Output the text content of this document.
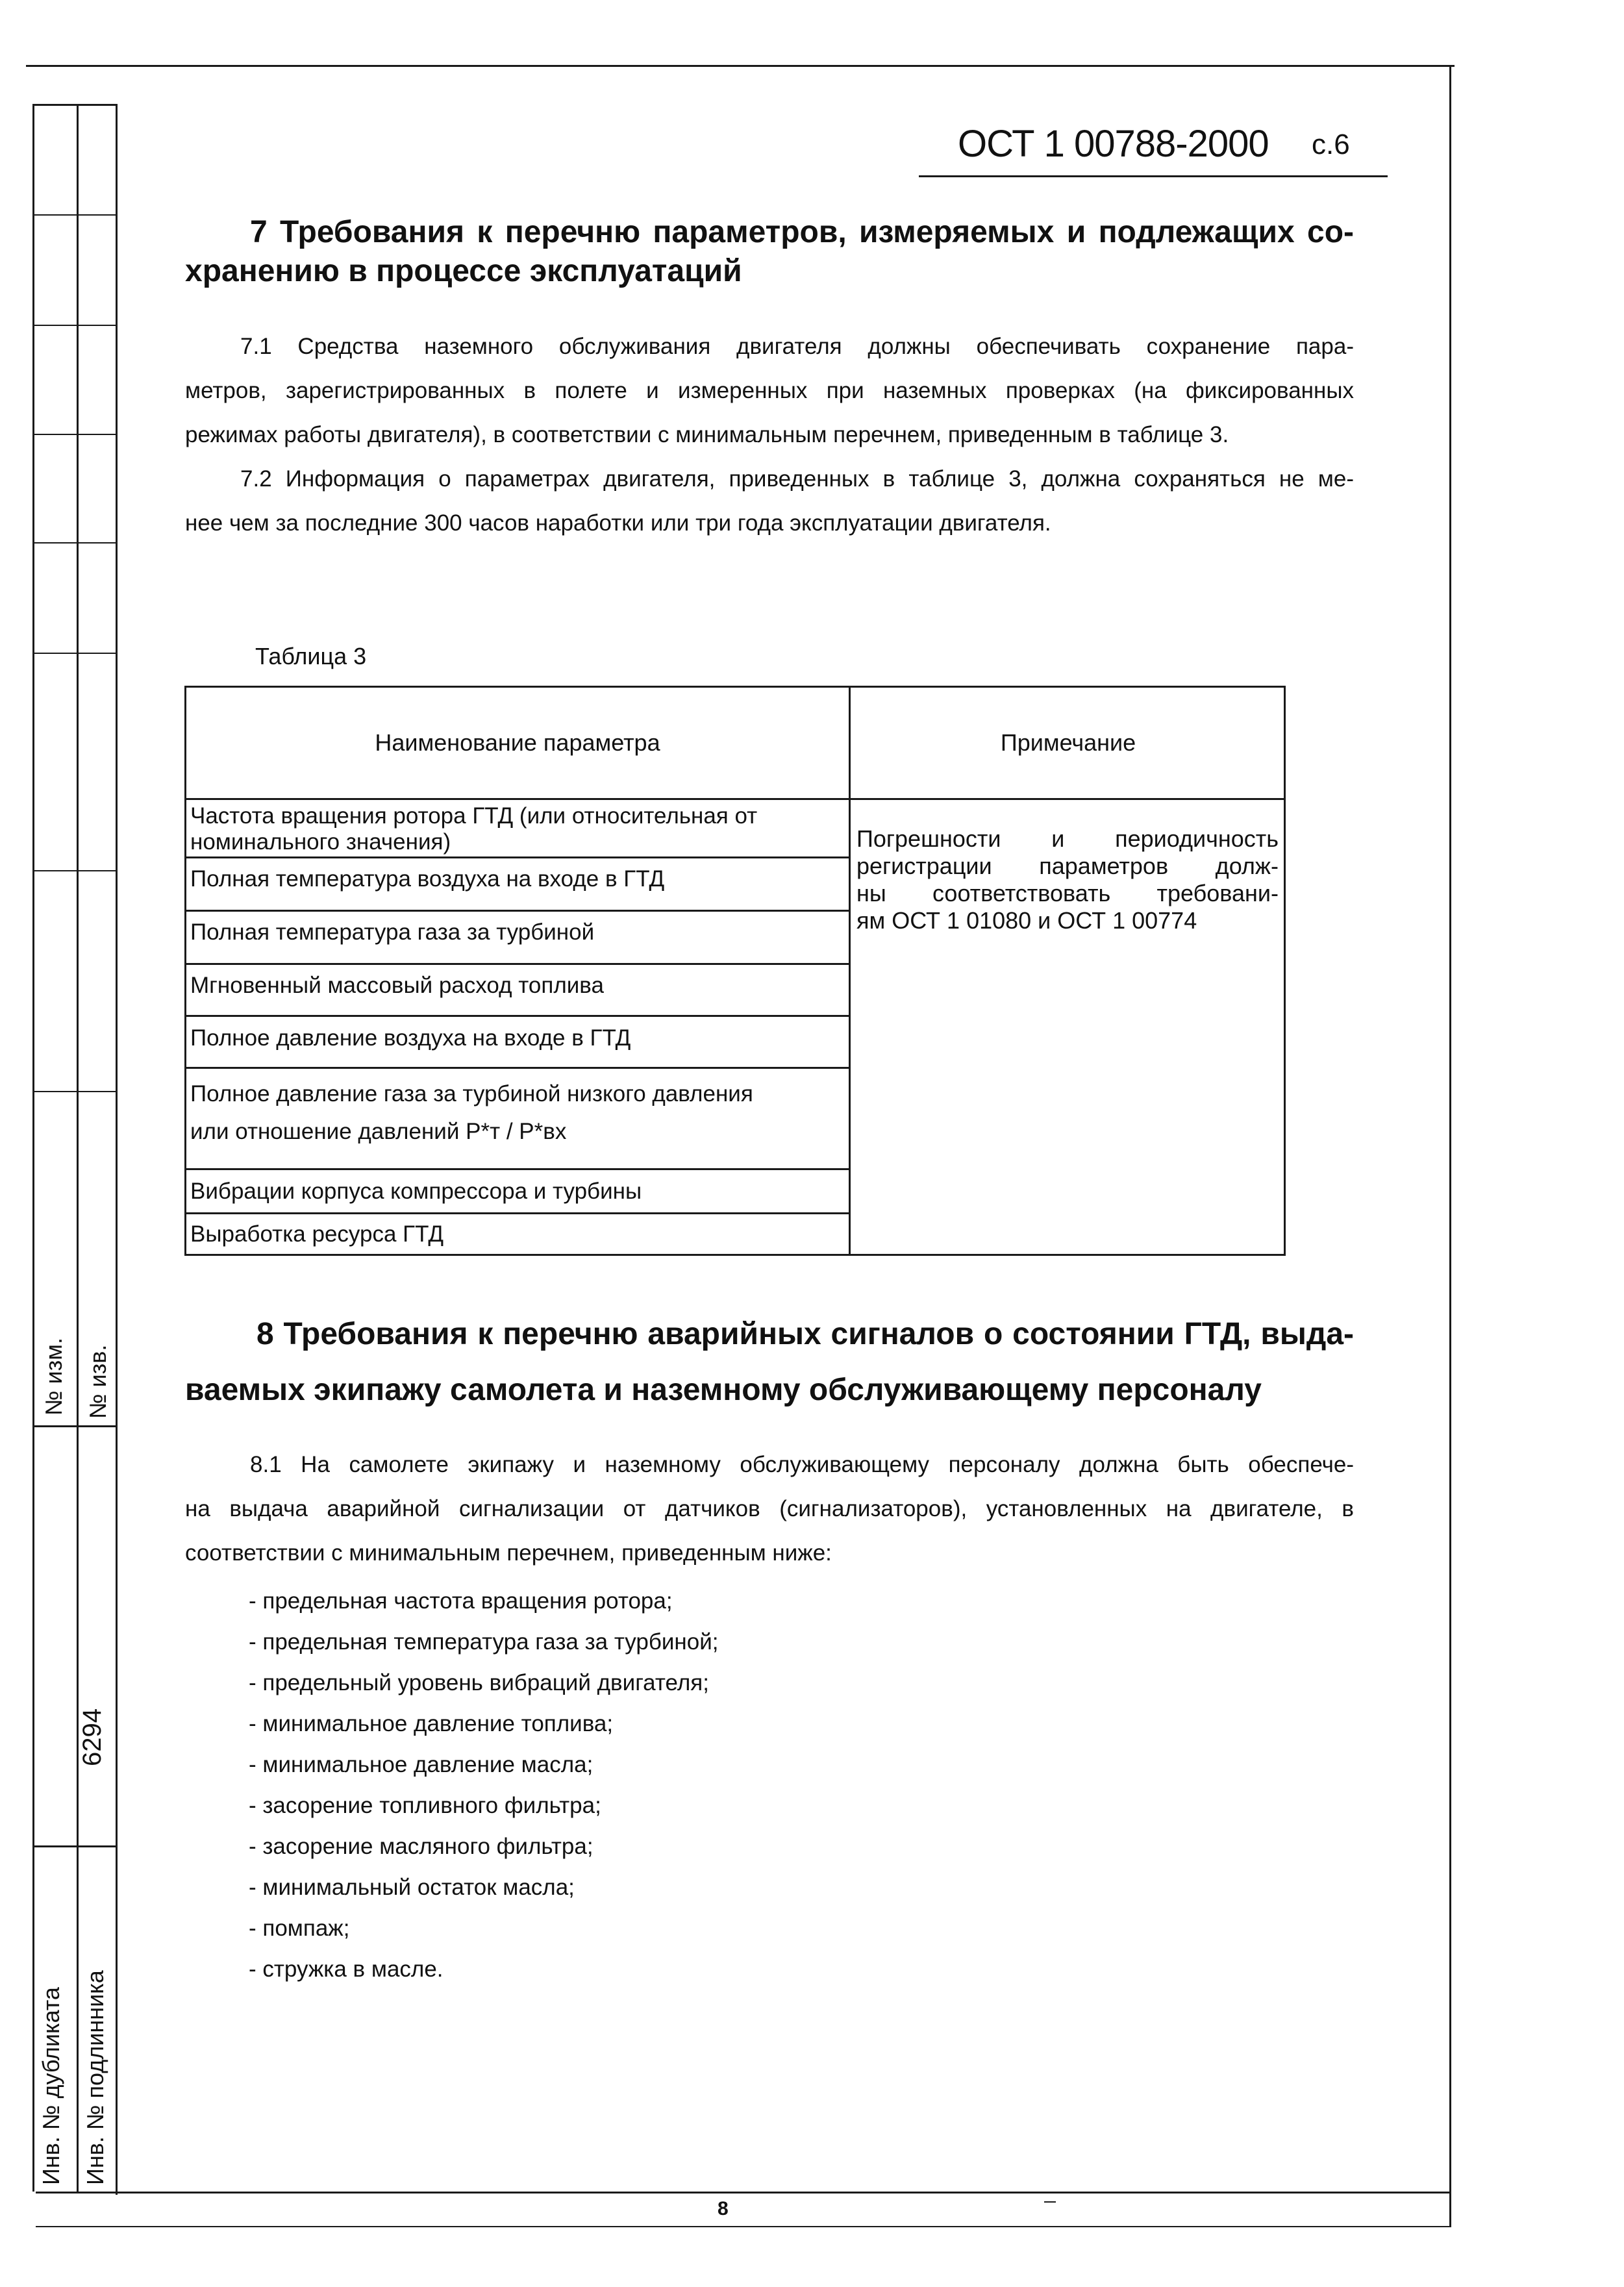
№ изм. № изв.
6294
Инв. № дубликата Инв. № подлинника
ОСТ 1 00788-2000 с.6
7 Требования к перечню параметров, измеряемых и подлежащих со-
хранению в процессе эксплуатаций
7.1 Средства наземного обслуживания двигателя должны обеспечивать сохранение пара-
метров, зарегистрированных в полете и измеренных при наземных проверках (на фиксированных
режимах работы двигателя), в соответствии с минимальным перечнем, приведенным в таблице 3.
7.2 Информация о параметрах двигателя, приведенных в таблице 3, должна сохраняться не ме-
нее чем за последние 300 часов наработки или три года эксплуатации двигателя.
Таблица 3
Наименование параметра	Примечание
Частота вращения ротора ГТД (или относительная от
номинального значения)
Полная температура воздуха на входе в ГТД
Полная температура газа за турбиной
Мгновенный массовый расход топлива
Полное давление воздуха на входе в ГТД
Полное давление газа за турбиной низкого давления
или отношение давлений Р*т / Р*вх
Вибрации корпуса компрессора и турбины
Выработка ресурса ГТД
Погрешности и периодичность
регистрации параметров долж-
ны соответствовать требовани-
ям ОСТ 1 01080 и ОСТ 1 00774
8 Требования к перечню аварийных сигналов о состоянии ГТД, выда-
ваемых экипажу самолета и наземному обслуживающему персоналу
8.1 На самолете экипажу и наземному обслуживающему персоналу должна быть обеспече-
на выдача аварийной сигнализации от датчиков (сигнализаторов), установленных на двигателе, в
соответствии с минимальным перечнем, приведенным ниже:
- предельная частота вращения ротора;
- предельная температура газа за турбиной;
- предельный уровень вибраций двигателя;
- минимальное давление топлива;
- минимальное давление масла;
- засорение топливного фильтра;
- засорение масляного фильтра;
- минимальный остаток масла;
- помпаж;
- стружка в масле.
8
